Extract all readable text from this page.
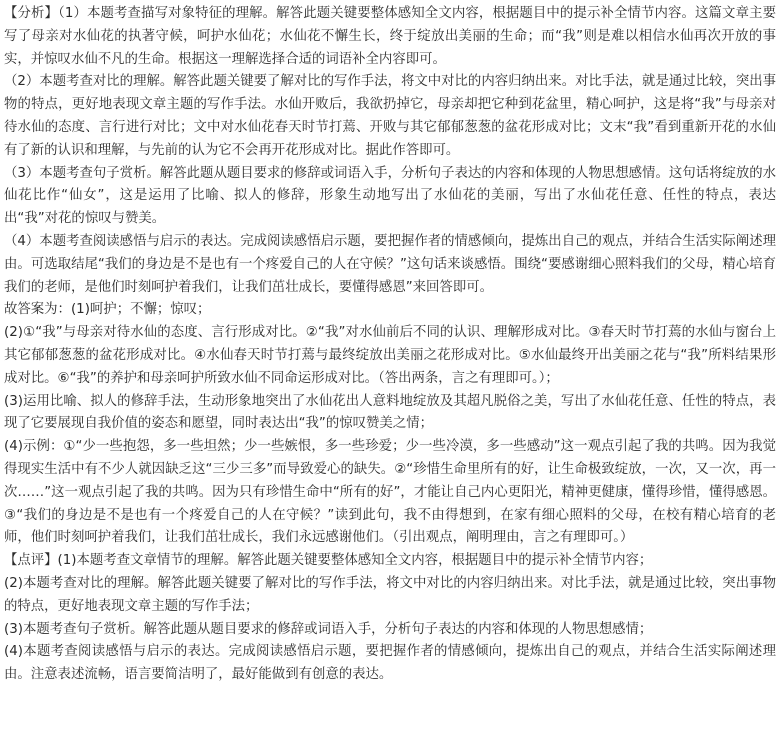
【分析】（1）本题考查描写对象特征的理解。解答此题关键要整体感知全文内容，根据题目中的提示补全情节内容。这篇文章主要写了母亲对水仙花的执著守候，呵护水仙花；水仙花不懈生长，终于绽放出美丽的生命；而“我”则是难以相信水仙再次开放的事实，并惊叹水仙不凡的生命。根据这一理解选择合适的词语补全内容即可。

（2）本题考查对比的理解。解答此题关键要了解对比的写作手法，将文中对比的内容归纳出来。对比手法，就是通过比较，突出事物的特点，更好地表现文章主题的写作手法。水仙开败后，我欲扔掉它，母亲却把它种到花盆里，精心呵护，这是将“我”与母亲对待水仙的态度、言行进行对比；文中对水仙花春天时节打蔫、开败与其它郁郁葱葱的盆花形成对比；文末“我”看到重新开花的水仙有了新的认识和理解，与先前的认为它不会再开花形成对比。据此作答即可。

（3）本题考查句子赏析。解答此题从题目要求的修辞或词语入手，分析句子表达的内容和体现的人物思想感情。这句话将绽放的水仙花比作“仙女”，这是运用了比喻、拟人的修辞，形象生动地写出了水仙花的美丽，写出了水仙花任意、任性的特点，表达出“我”对花的惊叹与赞美。

（4）本题考查阅读感悟与启示的表达。完成阅读感悟启示题，要把握作者的情感倾向，提炼出自己的观点，并结合生活实际阐述理由。可选取结尾“我们的身边是不是也有一个疼爱自己的人在守候？”这句话来谈感悟。围绕“要感谢细心照料我们的父母，精心培育我们的老师，是他们时刻呵护着我们，让我们茁壮成长，要懂得感恩”来回答即可。

故答案为：(1)呵护；不懈；惊叹；

(2)①“我”与母亲对待水仙的态度、言行形成对比。②“我”对水仙前后不同的认识、理解形成对比。③春天时节打蔫的水仙与窗台上其它郁郁葱葱的盆花形成对比。④水仙春天时节打蔫与最终绽放出美丽之花形成对比。⑤水仙最终开出美丽之花与“我”所料结果形成对比。⑥“我”的养护和母亲呵护所致水仙不同命运形成对比。（答出两条，言之有理即可。）；

(3)运用比喻、拟人的修辞手法，生动形象地突出了水仙花出人意料地绽放及其超凡脱俗之美，写出了水仙花任意、任性的特点，表现了它要展现自我价值的姿态和愿望，同时表达出“我”的惊叹赞美之情；

(4)示例：①“少一些抱怨，多一些坦然；少一些嫉恨，多一些珍爱；少一些冷漠，多一些感动”这一观点引起了我的共鸣。因为我觉得现实生活中有不少人就因缺乏这“三少三多”而导致爱心的缺失。②“珍惜生命里所有的好，让生命极致绽放，一次，又一次，再一次……”这一观点引起了我的共鸣。因为只有珍惜生命中“所有的好”，才能让自己内心更阳光，精神更健康，懂得珍惜，懂得感恩。③“我们的身边是不是也有一个疼爱自己的人在守候？”读到此句，我不由得想到，在家有细心照料的父母，在校有精心培育的老师，他们时刻呵护着我们，让我们茁壮成长，我们永远感谢他们。（引出观点，阐明理由，言之有理即可。）

【点评】(1)本题考查文章情节的理解。解答此题关键要整体感知全文内容，根据题目中的提示补全情节内容；

(2)本题考查对比的理解。解答此题关键要了解对比的写作手法，将文中对比的内容归纳出来。对比手法，就是通过比较，突出事物的特点，更好地表现文章主题的写作手法；

(3)本题考查句子赏析。解答此题从题目要求的修辞或词语入手，分析句子表达的内容和体现的人物思想感情；

(4)本题考查阅读感悟与启示的表达。完成阅读感悟启示题，要把握作者的情感倾向，提炼出自己的观点，并结合生活实际阐述理由。注意表述流畅，语言要简洁明了，最好能做到有创意的表达。
